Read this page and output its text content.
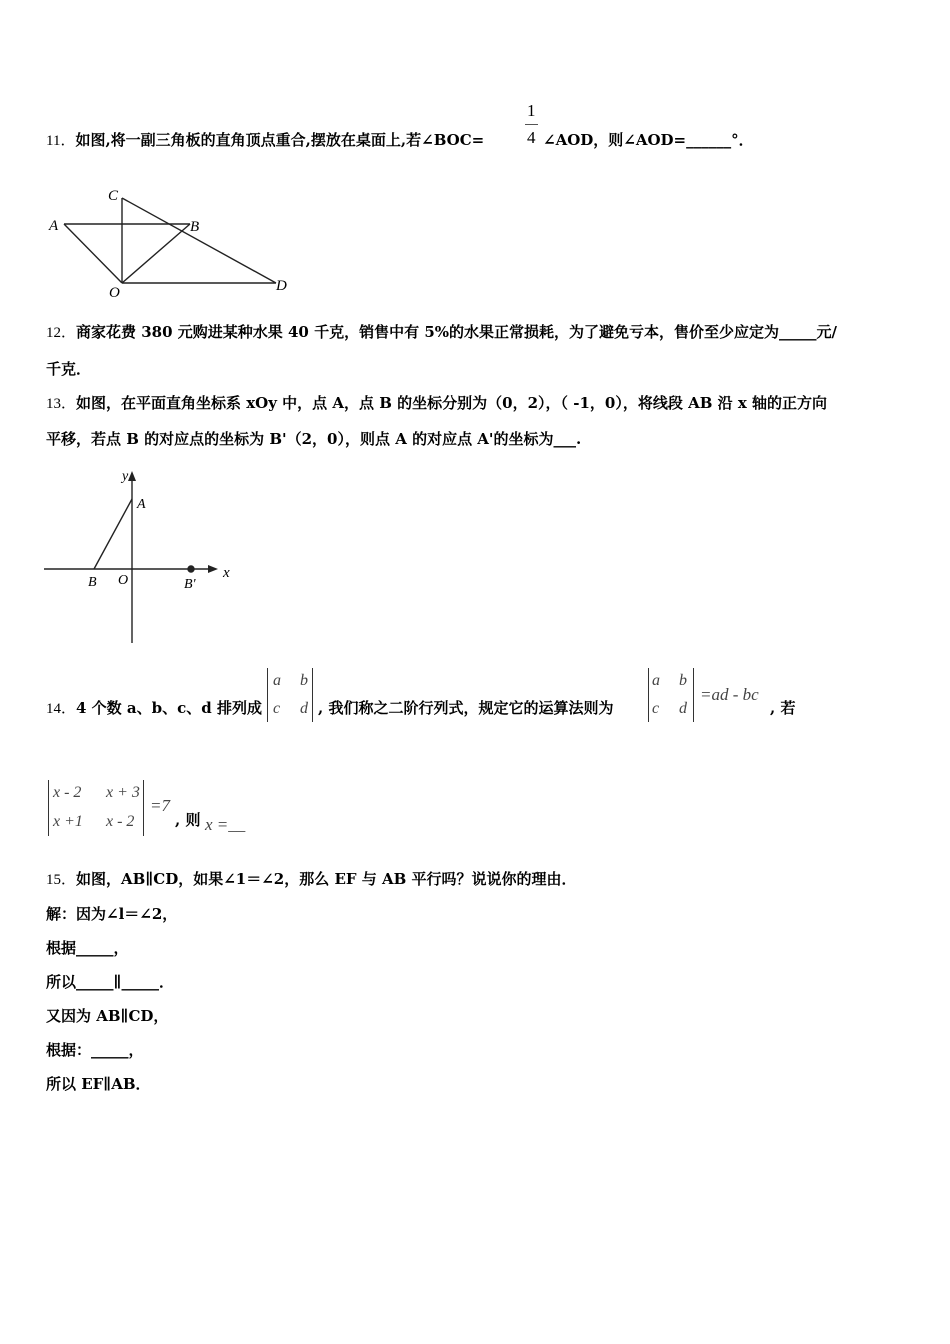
11．如图,将一副三角板的直角顶点重合,摆放在桌面上,若∠BOC=
1
4 ∠AOD，则∠AOD=______°．
C
A	B
O	D
12．商家花费 380 元购进某种水果 40 千克，销售中有 5%的水果正常损耗，为了避免亏本，售价至少应定为_____元/
千克．
13．如图，在平面直角坐标系 xOy 中，点 A，点 B 的坐标分别为（0，2），（ -1，0），将线段 AB 沿 x 轴的正方向
平移，若点 B 的对应点的坐标为 B'（2，0），则点 A 的对应点 A'的坐标为___.
y
A
x
B O	B'
14．4 个数 a、b、c、d 排列成
a b
c d , 我们称之二阶行列式，规定它的运算法则为
a b
c d
=ad - bc
, 若
x - 2 x + 3
x +1 x - 2
=7
, 则 x =__
15．如图，AB∥CD，如果∠1＝∠2，那么 EF 与 AB 平行吗？说说你的理由．
解：因为∠l＝∠2，
根据_____，
所以_____∥_____．
又因为 AB∥CD，
根据：_____，
所以 EF∥AB．
